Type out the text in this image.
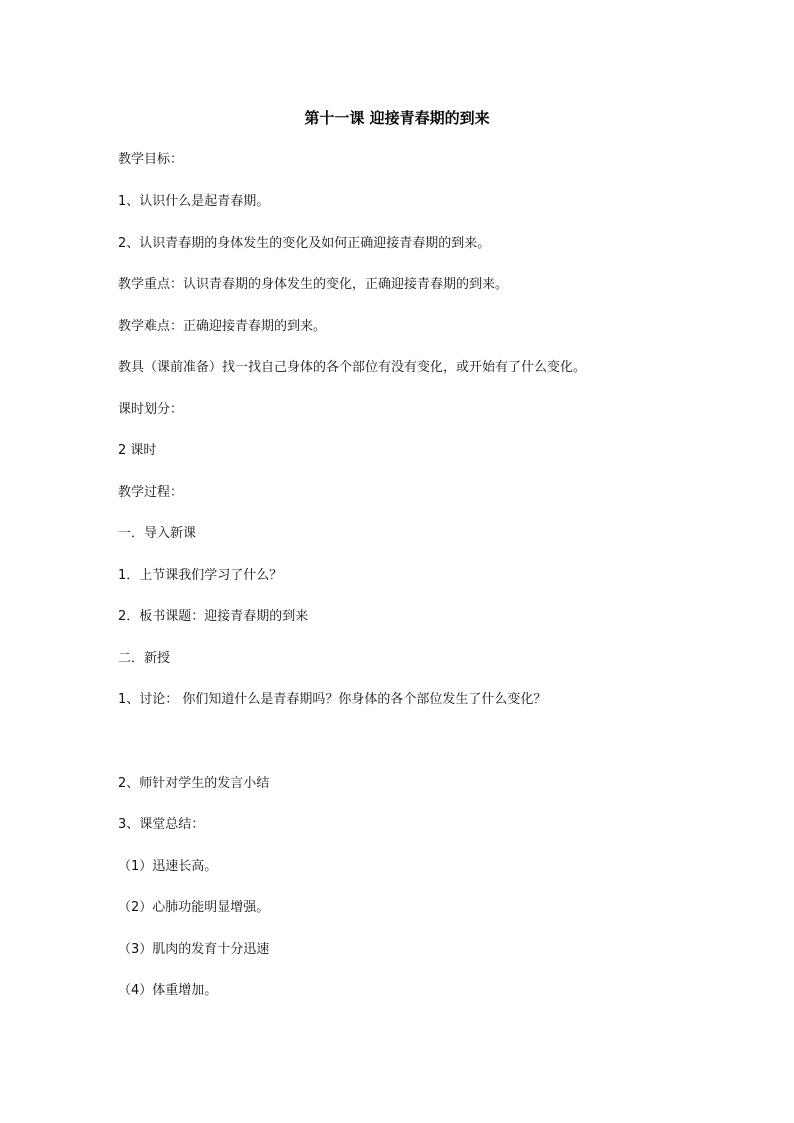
第十一课 迎接青春期的到来
教学目标：
1、认识什么是起青春期。
2、认识青春期的身体发生的变化及如何正确迎接青春期的到来。
教学重点：认识青春期的身体发生的变化，正确迎接青春期的到来。
教学难点：正确迎接青春期的到来。
教具（课前准备）找一找自己身体的各个部位有没有变化，或开始有了什么变化。
课时划分：
2 课时
教学过程：
一．导入新课
1．上节课我们学习了什么？
2．板书课题：迎接青春期的到来
二．新授
1、讨论： 你们知道什么是青春期吗？你身体的各个部位发生了什么变化？
2、师针对学生的发言小结
3、课堂总结：
（1）迅速长高。
（2）心肺功能明显增强。
（3）肌肉的发育十分迅速
（4）体重增加。
